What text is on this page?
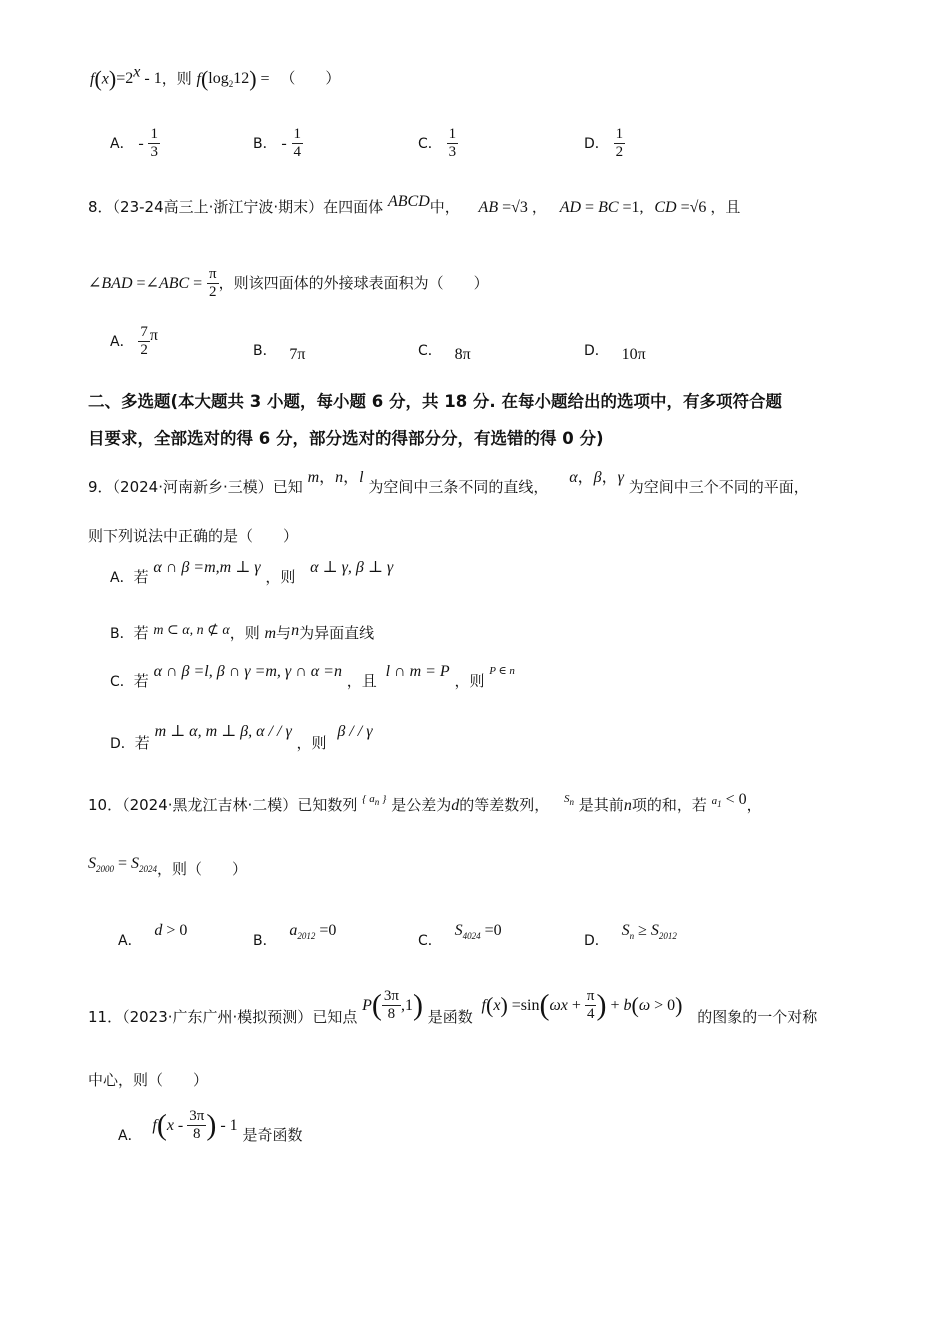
$f(x)=2^x - 1$，则 $f(\log_212)$ = （　　）
A． - $\frac{1}{3}$	B． - $\frac{1}{4}$	C． $\frac{1}{3}$	D． $\frac{1}{2}$
8．（23-24高三上·浙江宁波·期末）在四面体 ABCD中， AB =√3 ， AD = BC =1, CD =√6 ，且
∠BAD =∠ABC = $\frac{\pi}{2}$ ，则该四面体的外接球表面积为（　　）
A． $\frac{7}{2}$ π
B． 7π	C． 8π	D． 10π
二、多选题(本大题共 3 小题，每小题 6 分，共 18 分. 在每小题给出的选项中，有多项符合题
目要求，全部选对的得 6 分，部分选对的得部分分，有选错的得 0 分)
9．（2024·河南新乡·三模）已知 m，n，l 为空间中三条不同的直线， α，β，γ 为空间中三个不同的平面，
则下列说法中正确的是（　　）
A．若 α ∩ β =m,m ⊥ γ ，则 α ⊥ γ, β ⊥ γ
B．若 m ⊂ α, n ⊄ α，则 m与n为异面直线
C．若 α ∩ β =l, β ∩ γ =m, γ ∩ α =n ，且 l ∩ m = P ，则 $^{P \in n}$
D．若 m ⊥ α, m ⊥ β, α / / γ ，则 β / / γ
10．（2024·黑龙江吉林·二模）已知数列 $^{\{ a_n \}}$ 是公差为d的等差数列， $^{S_n}$ 是其前n项的和，若 $^{a_1}$ < 0，
$S_{2000} = S_{2024}$，则（　　）
A． d > 0
B． $a_{2012} =0$
C． $S_{4024} =0$
D． $S_n \ge S_{2012}$
11．（2023·广东广州·模拟预测）已知点 $P( \frac{3\pi}{8} ,1)$ 是函数 $f(x) =\sin(\omega x + \frac{\pi}{4}$ ) + b(ω > 0) 的图象的一个对称
中心，则（　　）
A． $f(x - \frac{3\pi}{8}$ ) - 1 是奇函数
